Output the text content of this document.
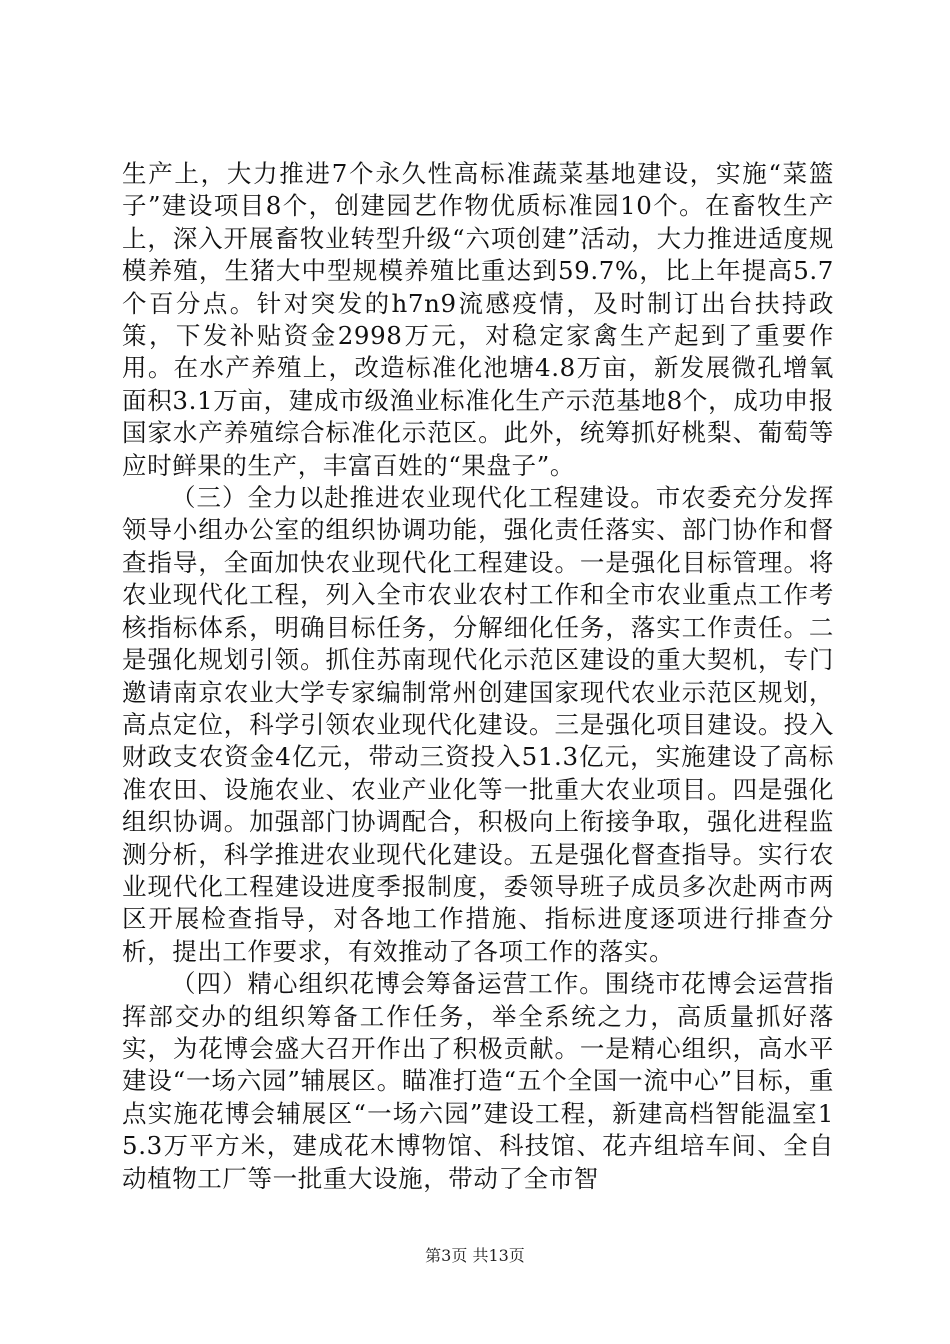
生产上，大力推进7个永久性高标准蔬菜基地建设，实施“菜篮子”建设项目8个，创建园艺作物优质标准园10个。在畜牧生产上，深入开展畜牧业转型升级“六项创建”活动，大力推进适度规模养殖，生猪大中型规模养殖比重达到59.7%，比上年提高5.7个百分点。针对突发的h7n9流感疫情，及时制订出台扶持政策，下发补贴资金2998万元，对稳定家禽生产起到了重要作用。在水产养殖上，改造标准化池塘4.8万亩，新发展微孔增氧面积3.1万亩，建成市级渔业标准化生产示范基地8个，成功申报国家水产养殖综合标准化示范区。此外，统筹抓好桃梨、葡萄等应时鲜果的生产，丰富百姓的“果盘子”。

（三）全力以赴推进农业现代化工程建设。市农委充分发挥领导小组办公室的组织协调功能，强化责任落实、部门协作和督查指导，全面加快农业现代化工程建设。一是强化目标管理。将农业现代化工程，列入全市农业农村工作和全市农业重点工作考核指标体系，明确目标任务，分解细化任务，落实工作责任。二是强化规划引领。抓住苏南现代化示范区建设的重大契机，专门邀请南京农业大学专家编制常州创建国家现代农业示范区规划，高点定位，科学引领农业现代化建设。三是强化项目建设。投入财政支农资金4亿元，带动三资投入51.3亿元，实施建设了高标准农田、设施农业、农业产业化等一批重大农业项目。四是强化组织协调。加强部门协调配合，积极向上衔接争取，强化进程监测分析，科学推进农业现代化建设。五是强化督查指导。实行农业现代化工程建设进度季报制度，委领导班子成员多次赴两市两区开展检查指导，对各地工作措施、指标进度逐项进行排查分析，提出工作要求，有效推动了各项工作的落实。

（四）精心组织花博会筹备运营工作。围绕市花博会运营指挥部交办的组织筹备工作任务，举全系统之力，高质量抓好落实，为花博会盛大召开作出了积极贡献。一是精心组织，高水平建设“一场六园”辅展区。瞄准打造“五个全国一流中心”目标，重点实施花博会辅展区“一场六园”建设工程，新建高档智能温室15.3万平方米，建成花木博物馆、科技馆、花卉组培车间、全自动植物工厂等一批重大设施，带动了全市智

第3页 共13页
